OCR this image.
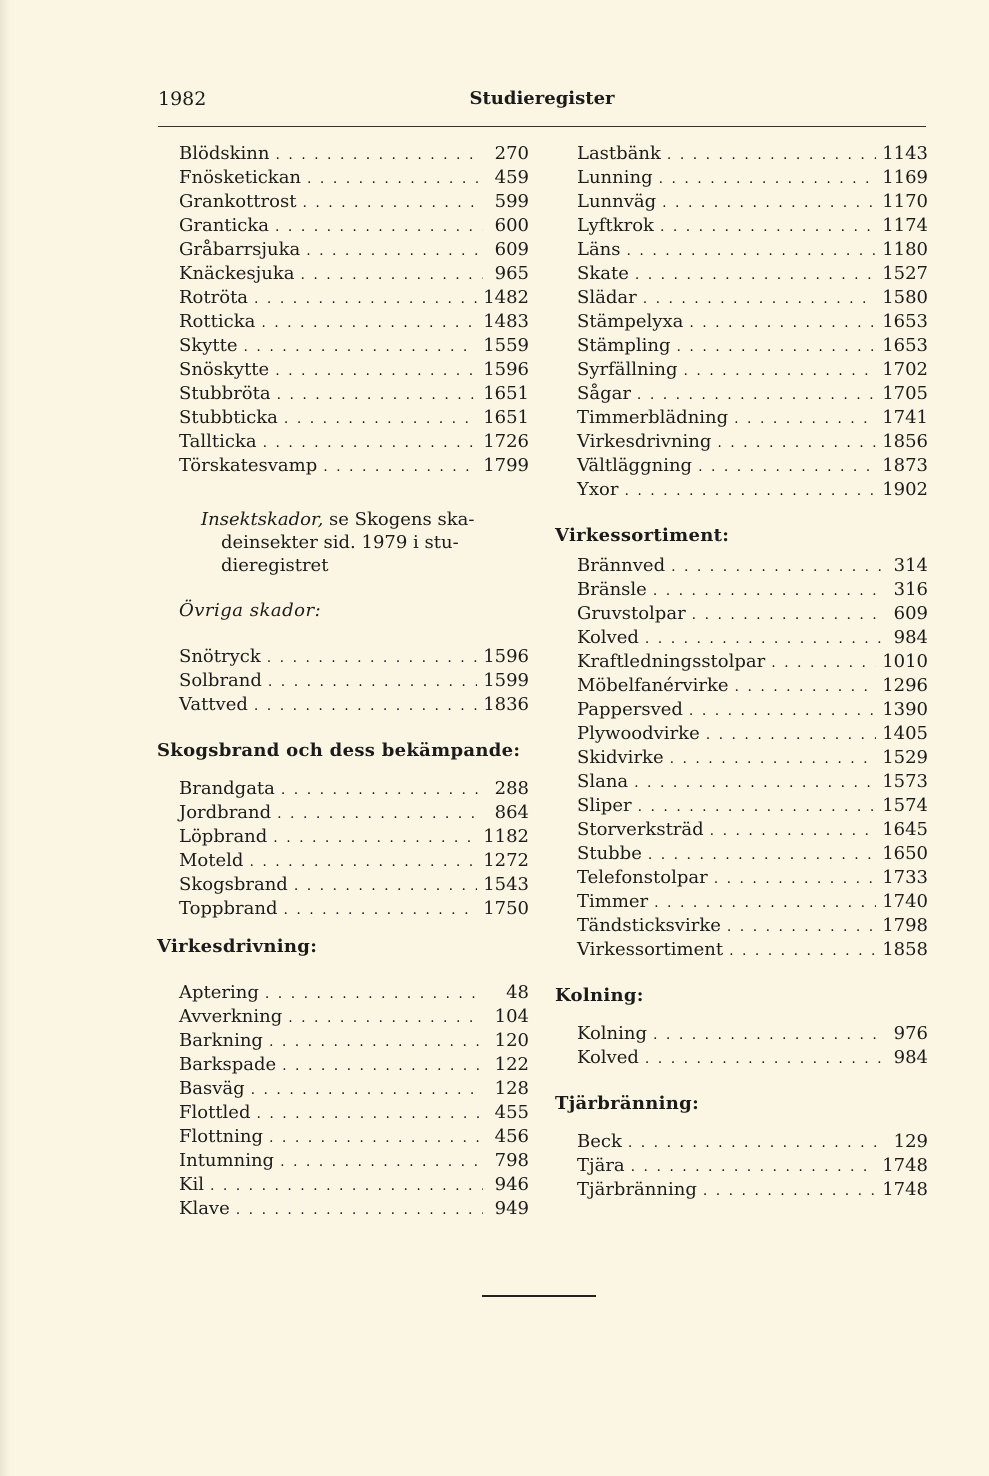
1982	Studieregister
Blödskinn . . .	270
Fnösketickan . . .	459
Grankottrost . . .	599
Granticka . . .	600
Gråbarrsjuka . . .	609
Knäckesjuka . . .	965
Rotröta . . .	1482
Rotticka . . .	1483
Skytte . . .	1559
Snöskytte . . .	1596
Stubbröta . . .	1651
Stubbticka . . .	1651
Tallticka . . .	1726
Törskatesvamp . . .	1799
Insektskador, se Skogens ska-
deinsekter sid. 1979 i stu-
dieregistret
Övriga skador:
Snötryck . . .	1596
Solbrand . . .	1599
Vattved . . .	1836
Skogsbrand och dess bekämpande:
Brandgata . . .	288
Jordbrand . . .	864
Löpbrand . . .	1182
Moteld . . .	1272
Skogsbrand . . .	1543
Toppbrand . . .	1750
Virkesdrivning:
Aptering . . .	48
Avverkning . . .	104
Barkning . . .	120
Barkspade . . .	122
Basväg . . .	128
Flottled . . .	455
Flottning . . .	456
Intumning . . .	798
Kil . . .	946
Klave . . .	949
Lastbänk . . .	1143
Lunning . . .	1169
Lunnväg . . .	1170
Lyftkrok . . .	1174
Läns . . .	1180
Skate . . .	1527
Slädar . . .	1580
Stämpelyxa . . .	1653
Stämpling . . .	1653
Syrfällning . . .	1702
Sågar . . .	1705
Timmerblädning . . .	1741
Virkesdrivning . . .	1856
Vältläggning . . .	1873
Yxor . . .	1902
Virkessortiment:
Brännved . . .	314
Bränsle . . .	316
Gruvstolpar . . .	609
Kolved . . .	984
Kraftledningsstolpar . . .	1010
Möbelfanérvirke . . .	1296
Pappersved . . .	1390
Plywoodvirke . . .	1405
Skidvirke . . .	1529
Slana . . .	1573
Sliper . . .	1574
Storverksträd . . .	1645
Stubbe . . .	1650
Telefonstolpar . . .	1733
Timmer . . .	1740
Tändsticksvirke . . .	1798
Virkessortiment . . .	1858
Kolning:
Kolning . . .	976
Kolved . . .	984
Tjärbränning:
Beck . . .	129
Tjära . . .	1748
Tjärbränning . . .	1748
